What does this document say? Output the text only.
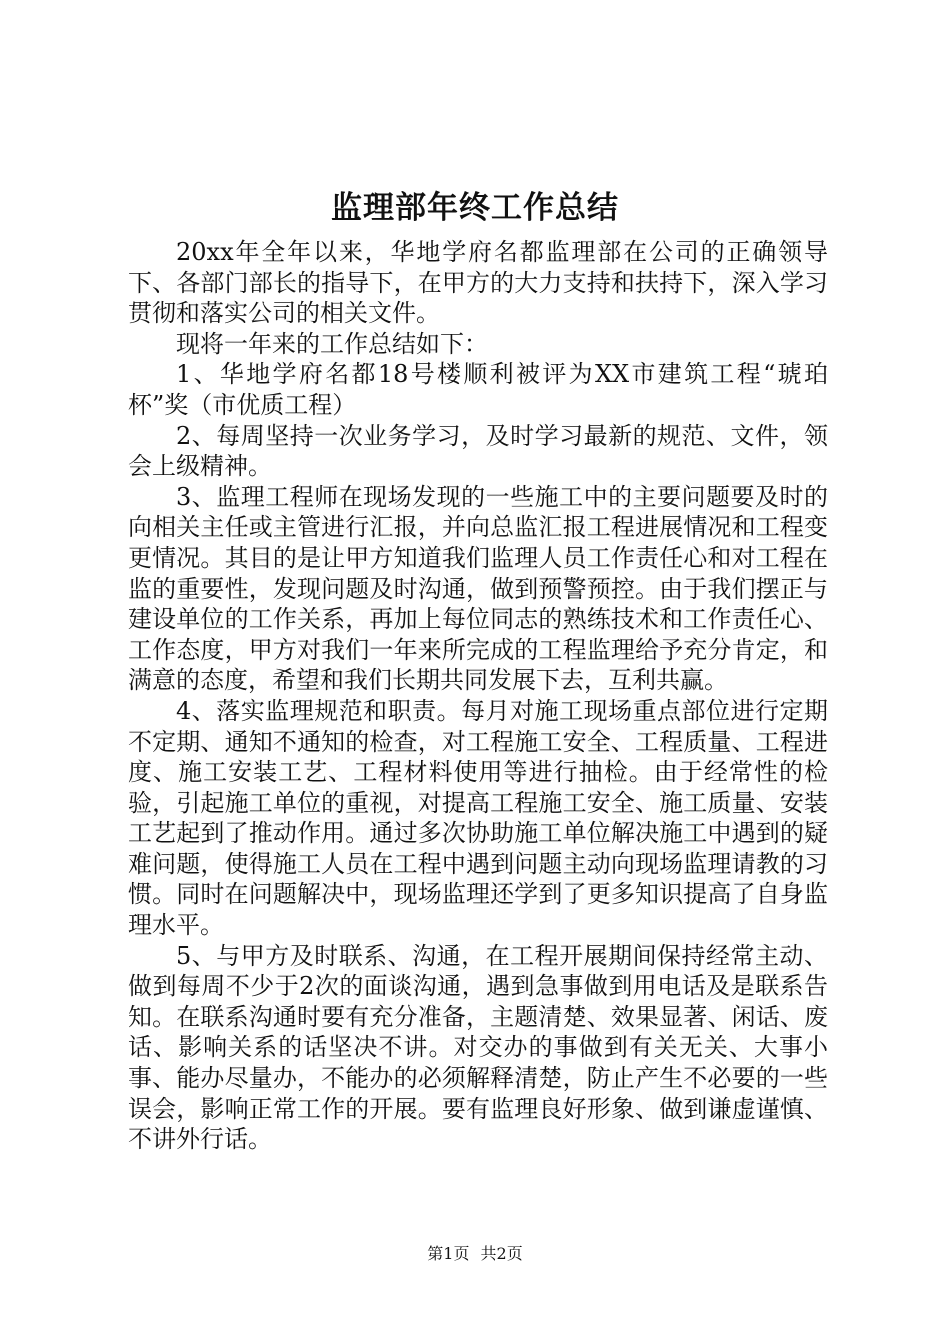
监理部年终工作总结

20xx年全年以来，华地学府名都监理部在公司的正确领导下、各部门部长的指导下，在甲方的大力支持和扶持下，深入学习贯彻和落实公司的相关文件。

现将一年来的工作总结如下：

1、华地学府名都18号楼顺利被评为XX市建筑工程“琥珀杯”奖（市优质工程）

2、每周坚持一次业务学习，及时学习最新的规范、文件，领会上级精神。

3、监理工程师在现场发现的一些施工中的主要问题要及时的向相关主任或主管进行汇报，并向总监汇报工程进展情况和工程变更情况。其目的是让甲方知道我们监理人员工作责任心和对工程在监的重要性，发现问题及时沟通，做到预警预控。由于我们摆正与建设单位的工作关系，再加上每位同志的熟练技术和工作责任心、工作态度，甲方对我们一年来所完成的工程监理给予充分肯定，和满意的态度，希望和我们长期共同发展下去，互利共赢。

4、落实监理规范和职责。每月对施工现场重点部位进行定期不定期、通知不通知的检查，对工程施工安全、工程质量、工程进度、施工安装工艺、工程材料使用等进行抽检。由于经常性的检验，引起施工单位的重视，对提高工程施工安全、施工质量、安装工艺起到了推动作用。通过多次协助施工单位解决施工中遇到的疑难问题，使得施工人员在工程中遇到问题主动向现场监理请教的习惯。同时在问题解决中，现场监理还学到了更多知识提高了自身监理水平。

5、与甲方及时联系、沟通，在工程开展期间保持经常主动、做到每周不少于2次的面谈沟通，遇到急事做到用电话及是联系告知。在联系沟通时要有充分准备，主题清楚、效果显著、闲话、废话、影响关系的话坚决不讲。对交办的事做到有关无关、大事小事、能办尽量办，不能办的必须解释清楚，防止产生不必要的一些误会，影响正常工作的开展。要有监理良好形象、做到谦虚谨慎、不讲外行话。

第1页 共2页
